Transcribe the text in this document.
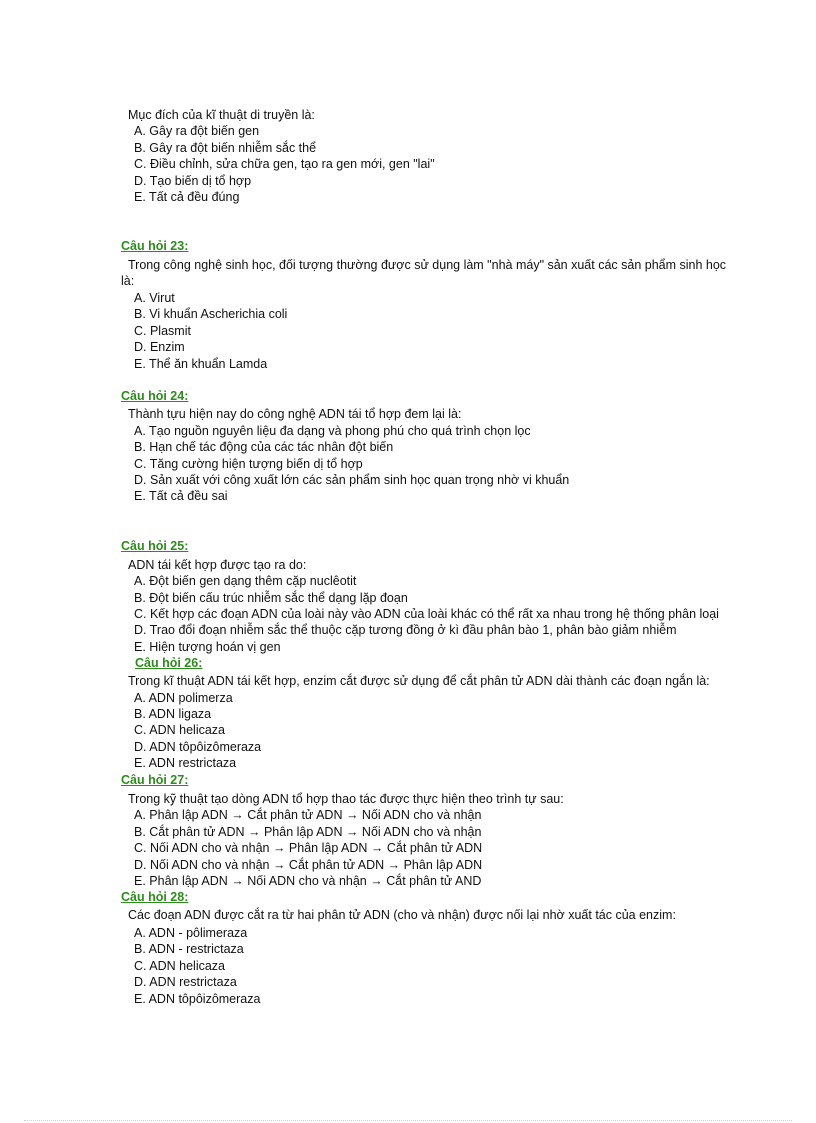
Mục đích của kĩ thuật di truyền là:
A. Gây ra đột biến gen
B. Gây ra đột biến nhiễm sắc thể
C. Điều chỉnh, sửa chữa gen, tạo ra gen mới, gen "lai"
D. Tạo biến dị tổ hợp
E. Tất cả đều đúng
Câu hỏi 23:
Trong công nghệ sinh học, đối tượng thường được sử dụng làm "nhà máy" sản xuất các sản phẩm sinh học
là:
A. Virut
B. Vi khuẩn Ascherichia coli
C. Plasmit
D. Enzim
E. Thể ăn khuẩn Lamda
Câu hỏi 24:
Thành tựu hiện nay do công nghệ ADN tái tổ hợp đem lại là:
A. Tạo nguồn nguyên liệu đa dạng và phong phú cho quá trình chọn lọc
B. Hạn chế tác động của các tác nhân đột biến
C. Tăng cường hiện tượng biến dị tổ hợp
D. Sản xuất với công xuất lớn các sản phẩm sinh học quan trọng nhờ vi khuẩn
E. Tất cả đều sai
Câu hỏi 25:
ADN tái kết hợp được tạo ra do:
A. Đột biến gen dạng thêm cặp nuclêotit
B. Đột biến cấu trúc nhiễm sắc thể dạng lặp đoạn
C. Kết hợp các đoạn ADN của loài này vào ADN của loài khác có thể rất xa nhau trong hệ thống phân loại
D. Trao đổi đoạn nhiễm sắc thể thuộc cặp tương đồng ở kì đầu phân bào 1, phân bào giảm nhiễm
E. Hiện tượng hoán vị gen
Câu hỏi 26:
Trong kĩ thuật ADN tái kết hợp, enzim cắt được sử dụng để cắt phân tử ADN dài thành các đoạn ngắn là:
A. ADN polimerza
B. ADN ligaza
C. ADN helicaza
D. ADN tôpôizômeraza
E. ADN restrictaza
Câu hỏi 27:
Trong kỹ thuật tạo dòng ADN tổ hợp thao tác được thực hiện theo trình tự sau:
A. Phân lập ADN → Cắt phân tử ADN → Nối ADN cho và nhận
B. Cắt phân tử ADN → Phân lập ADN → Nối ADN cho và nhận
C. Nối ADN cho và nhận → Phân lập ADN → Cắt phân tử ADN
D. Nối ADN cho và nhận → Cắt phân tử ADN → Phân lập ADN
E. Phân lập ADN → Nối ADN cho và nhận → Cắt phân tử AND
Câu hỏi 28:
Các đoạn ADN được cắt ra từ hai phân tử ADN (cho và nhận) được nối lại nhờ xuất tác của enzim:
A. ADN - pôlimeraza
B. ADN - restrictaza
C. ADN helicaza
D. ADN restrictaza
E. ADN tôpôizômeraza
